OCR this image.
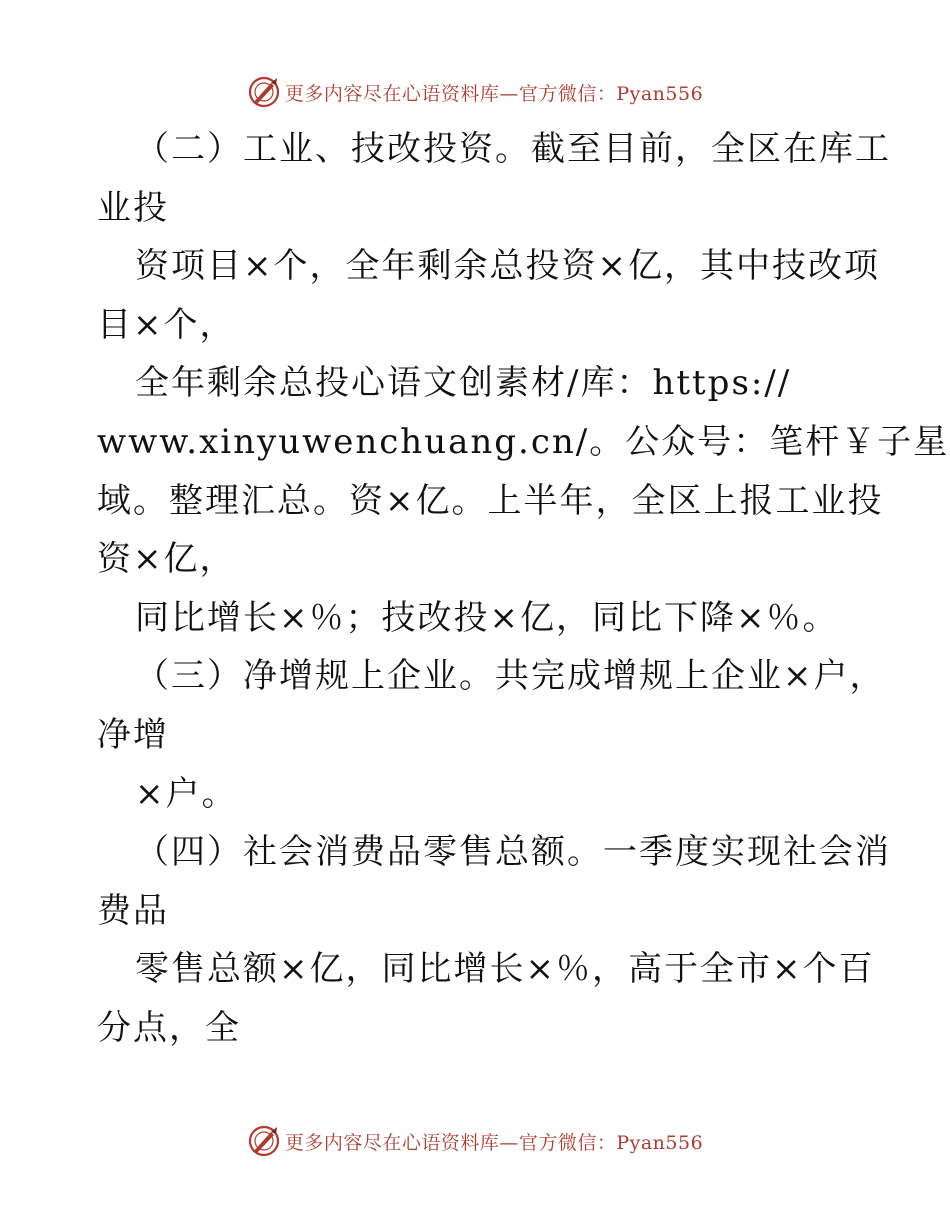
更多内容尽在心语资料库—官方微信：Pyan556
（二）工业、技改投资。截至目前，全区在库工
业投
资项目×个，全年剩余总投资×亿，其中技改项
目×个，
全年剩余总投心语文创素材/库：https://
www.xinyuwenchuang.cn/。公众号：笔杆￥子星
域。整理汇总。资×亿。上半年，全区上报工业投
资×亿，
同比增长×％；技改投×亿，同比下降×％。
（三）净增规上企业。共完成增规上企业×户，
净增
×户。
（四）社会消费品零售总额。一季度实现社会消
费品
零售总额×亿，同比增长×％，高于全市×个百
分点，全
更多内容尽在心语资料库—官方微信：Pyan556
